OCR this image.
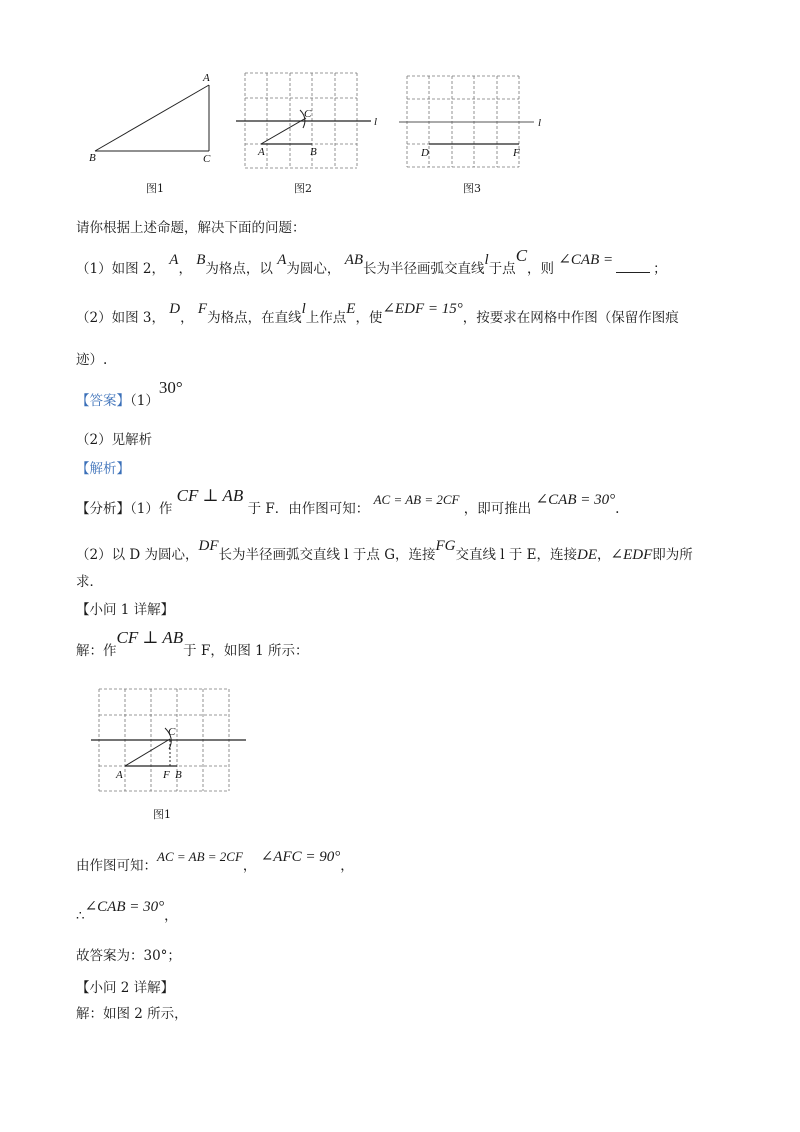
A
B	C
图1
C
A	B
l
图2
D	F
l
图3
请你根据上述命题，解决下面的问题：
（1）如图 2， A， B为格点，以 A为圆心， AB长为半径画弧交直线l于点C，则 ∠CAB =；
（2）如图 3， D， F为格点，在直线l上作点E，使∠EDF = 15°，按要求在网格中作图（保留作图痕
迹）.
【答案】（1）30°
（2）见解析
【解析】
【分析】（1）作 CF ⊥ AB 于 F．由作图可知： AC = AB = 2CF ，即可推出 ∠CAB = 30°.
（2）以 D 为圆心，DF长为半径画弧交直线 l 于点 G，连接FG交直线 l 于 E，连接DE，∠EDF即为所
求．
【小问 1 详解】
解：作CF ⊥ AB于 F，如图 1 所示：
C
A	F B
图1
由作图可知：AC = AB = 2CF， ∠AFC = 90°，
∴∠CAB = 30°，
故答案为：30°；
【小问 2 详解】
解：如图 2 所示，
